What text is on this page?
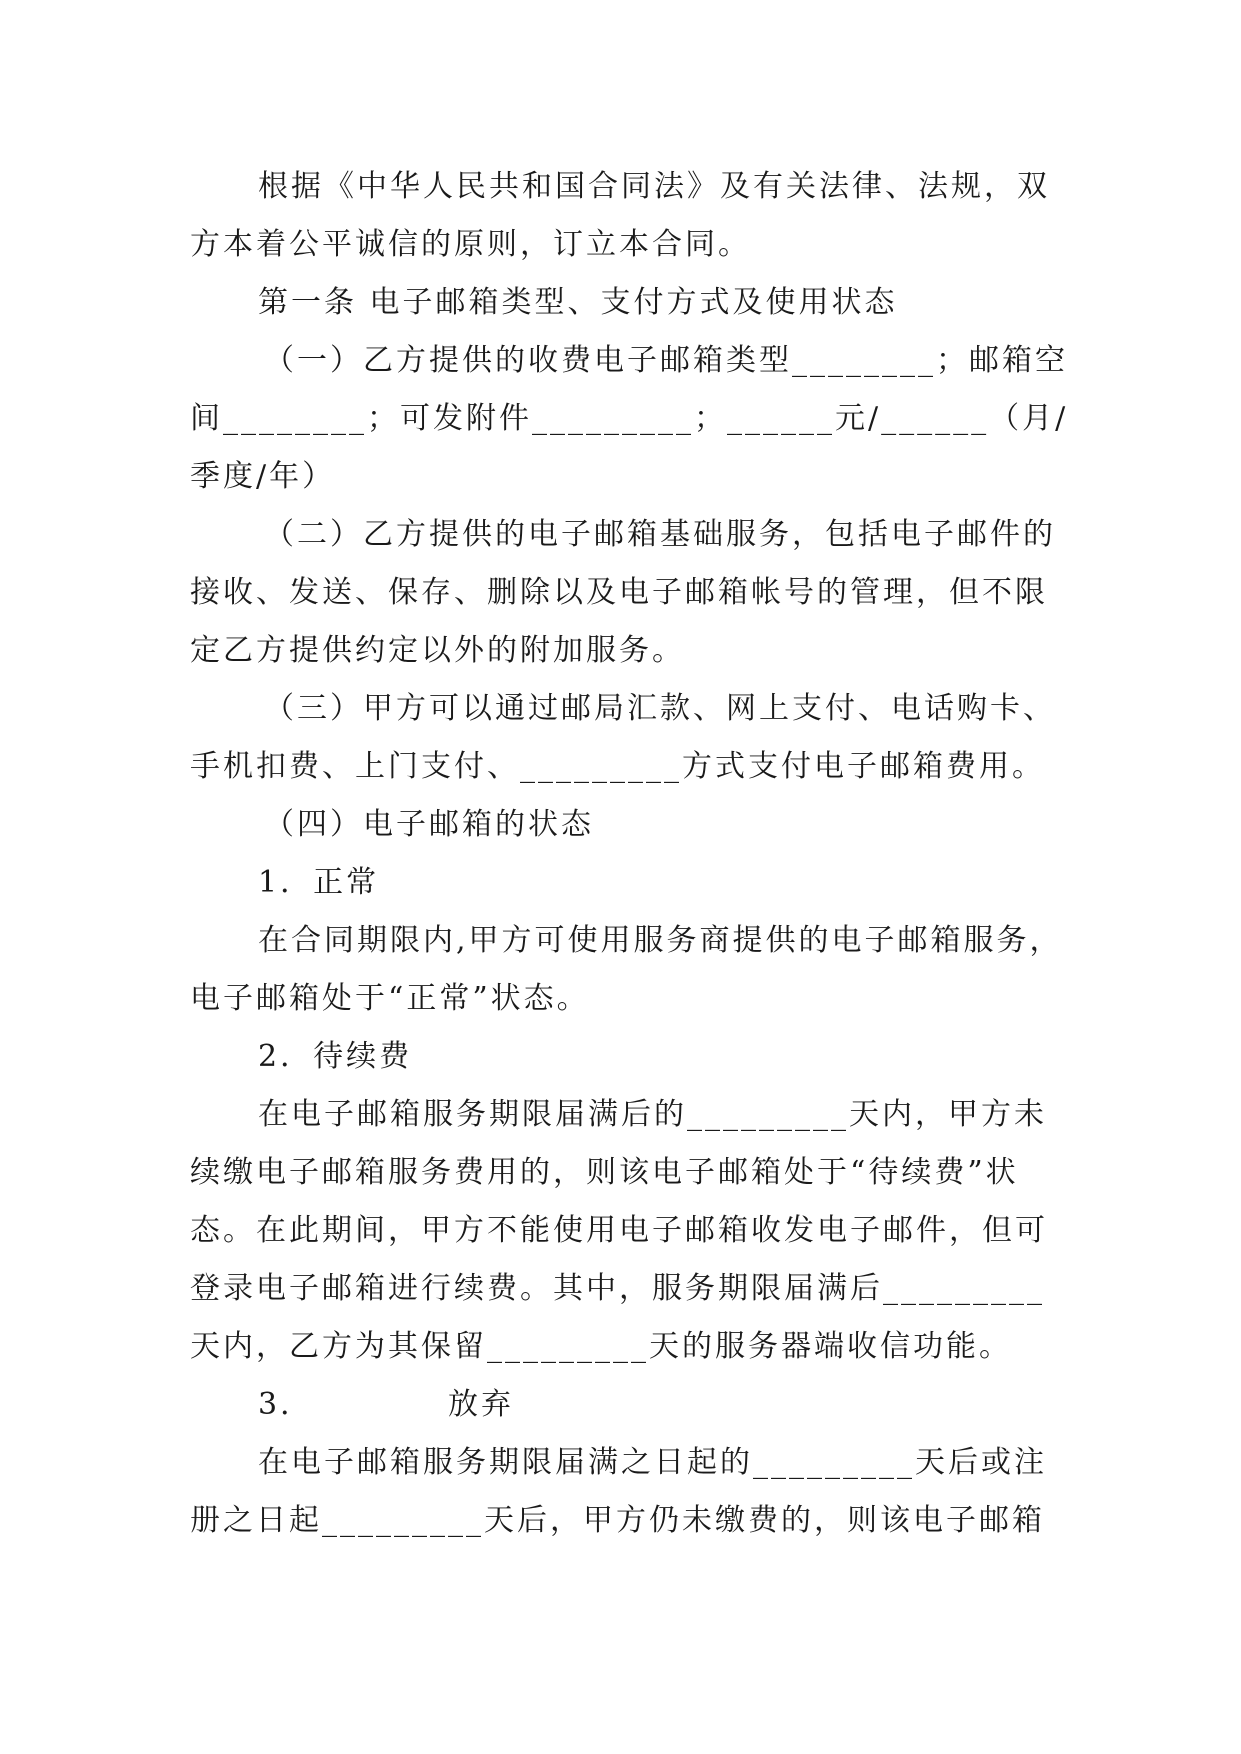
根据《中华人民共和国合同法》及有关法律、法规，双
方本着公平诚信的原则，订立本合同。
第一条 电子邮箱类型、支付方式及使用状态
（一）乙方提供的收费电子邮箱类型________；邮箱空
间________；可发附件_________；______元/______（月/
季度/年）
（二）乙方提供的电子邮箱基础服务，包括电子邮件的
接收、发送、保存、删除以及电子邮箱帐号的管理，但不限
定乙方提供约定以外的附加服务。
（三）甲方可以通过邮局汇款、网上支付、电话购卡、
手机扣费、上门支付、_________方式支付电子邮箱费用。
（四）电子邮箱的状态
1．正常
在合同期限内,甲方可使用服务商提供的电子邮箱服务，
电子邮箱处于“正常”状态。
2．待续费
在电子邮箱服务期限届满后的_________天内，甲方未
续缴电子邮箱服务费用的，则该电子邮箱处于“待续费”状
态。在此期间，甲方不能使用电子邮箱收发电子邮件，但可
登录电子邮箱进行续费。其中，服务期限届满后_________
天内，乙方为其保留_________天的服务器端收信功能。
3．	放弃
在电子邮箱服务期限届满之日起的_________天后或注
册之日起_________天后，甲方仍未缴费的，则该电子邮箱
